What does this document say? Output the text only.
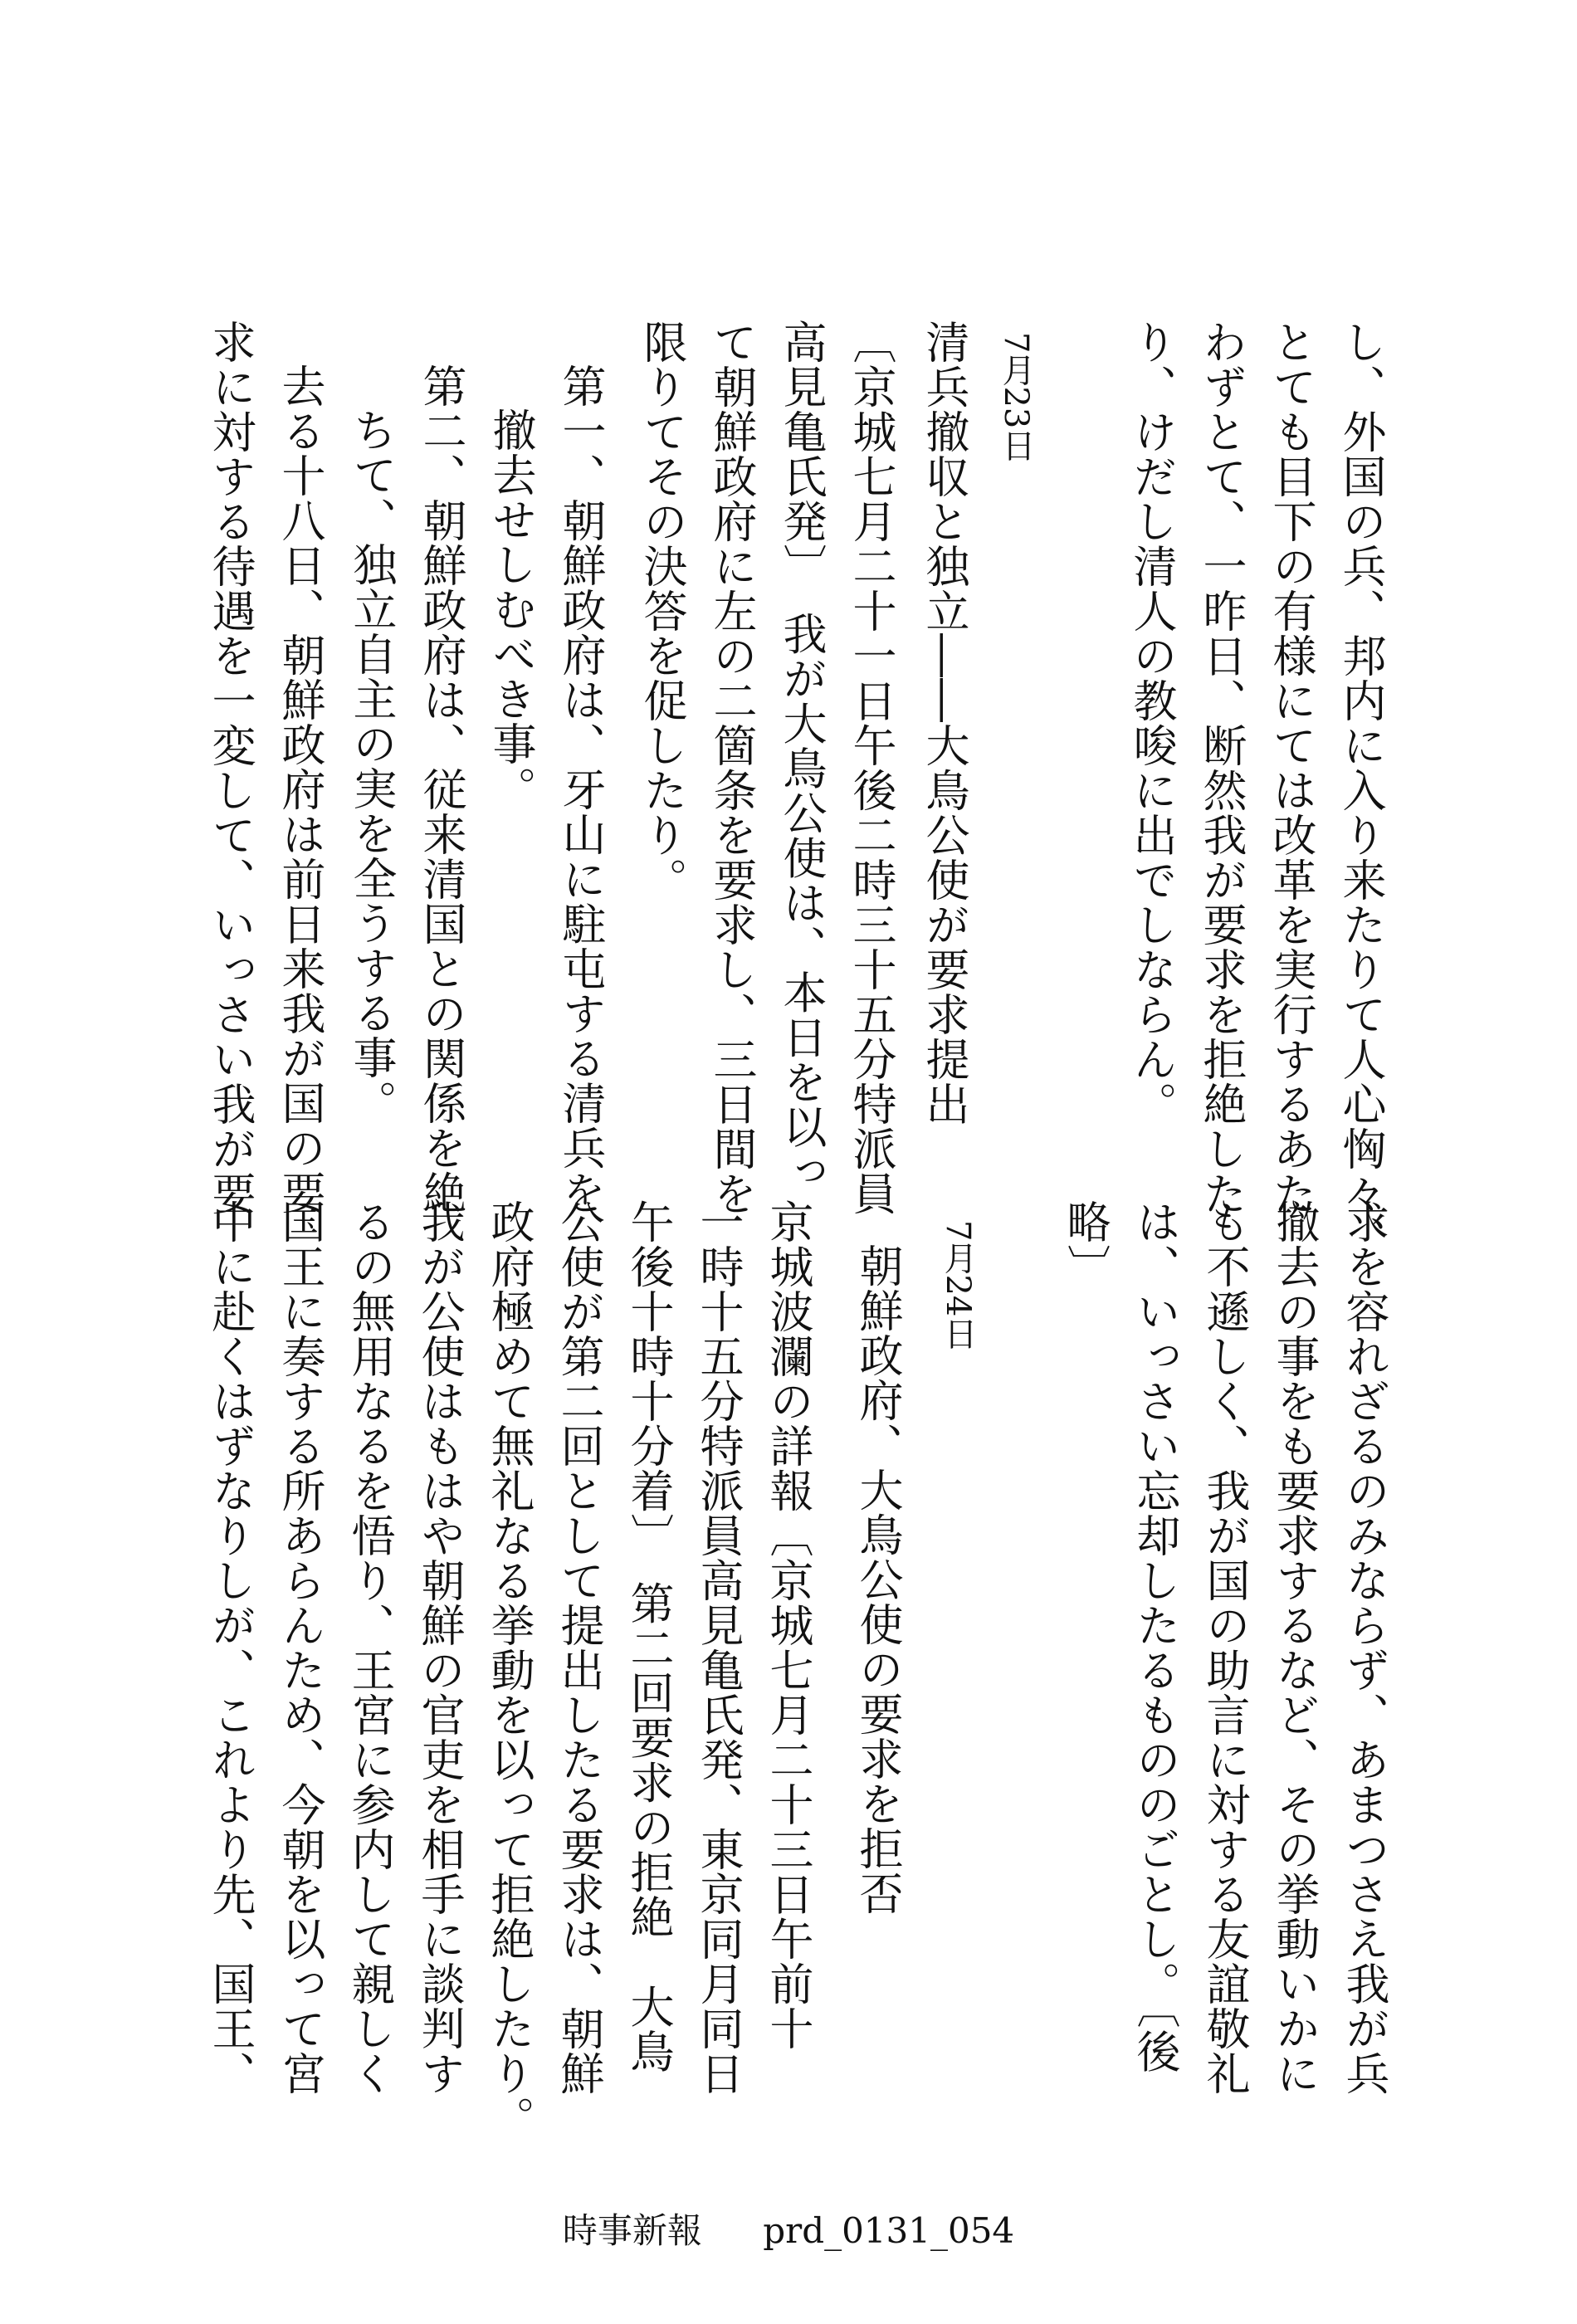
し、外国の兵、邦内に入り来たりて人心恟々、
とても目下の有様にては改革を実行するあた
わずとて、一昨日、断然我が要求を拒絶した
り、けだし清人の教唆に出でしならん。
7月23日
清兵撤収と独立――大鳥公使が要求提出
〔京城七月二十一日午後二時三十五分特派員
高見亀氏発〕　我が大鳥公使は、本日を以っ
て朝鮮政府に左の二箇条を要求し、三日間を
限りてその決答を促したり。
第一、朝鮮政府は、牙山に駐屯する清兵を
撤去せしむべき事。
第二、朝鮮政府は、従来清国との関係を絶
ちて、独立自主の実を全うする事。
去る十八日、朝鮮政府は前日来我が国の要
求に対する待遇を一変して、いっさい我が要
求を容れざるのみならず、あまつさえ我が兵
撤去の事をも要求するなど、その挙動いかに
も不遜しく、我が国の助言に対する友誼敬礼
は、いっさい忘却したるもののごとし。〔後
略〕
7月24日
朝鮮政府、大鳥公使の要求を拒否
京城波瀾の詳報〔京城七月二十三日午前十
一時十五分特派員高見亀氏発、東京同月同日
午後十時十分着〕　第二回要求の拒絶　大鳥
公使が第二回として提出したる要求は、朝鮮
政府極めて無礼なる挙動を以って拒絶したり。
我が公使はもはや朝鮮の官吏を相手に談判す
るの無用なるを悟り、王宮に参内して親しく
国王に奏する所あらんため、今朝を以って宮
中に赴くはずなりしが、これより先、国王、
時事新報 prd_0131_054
